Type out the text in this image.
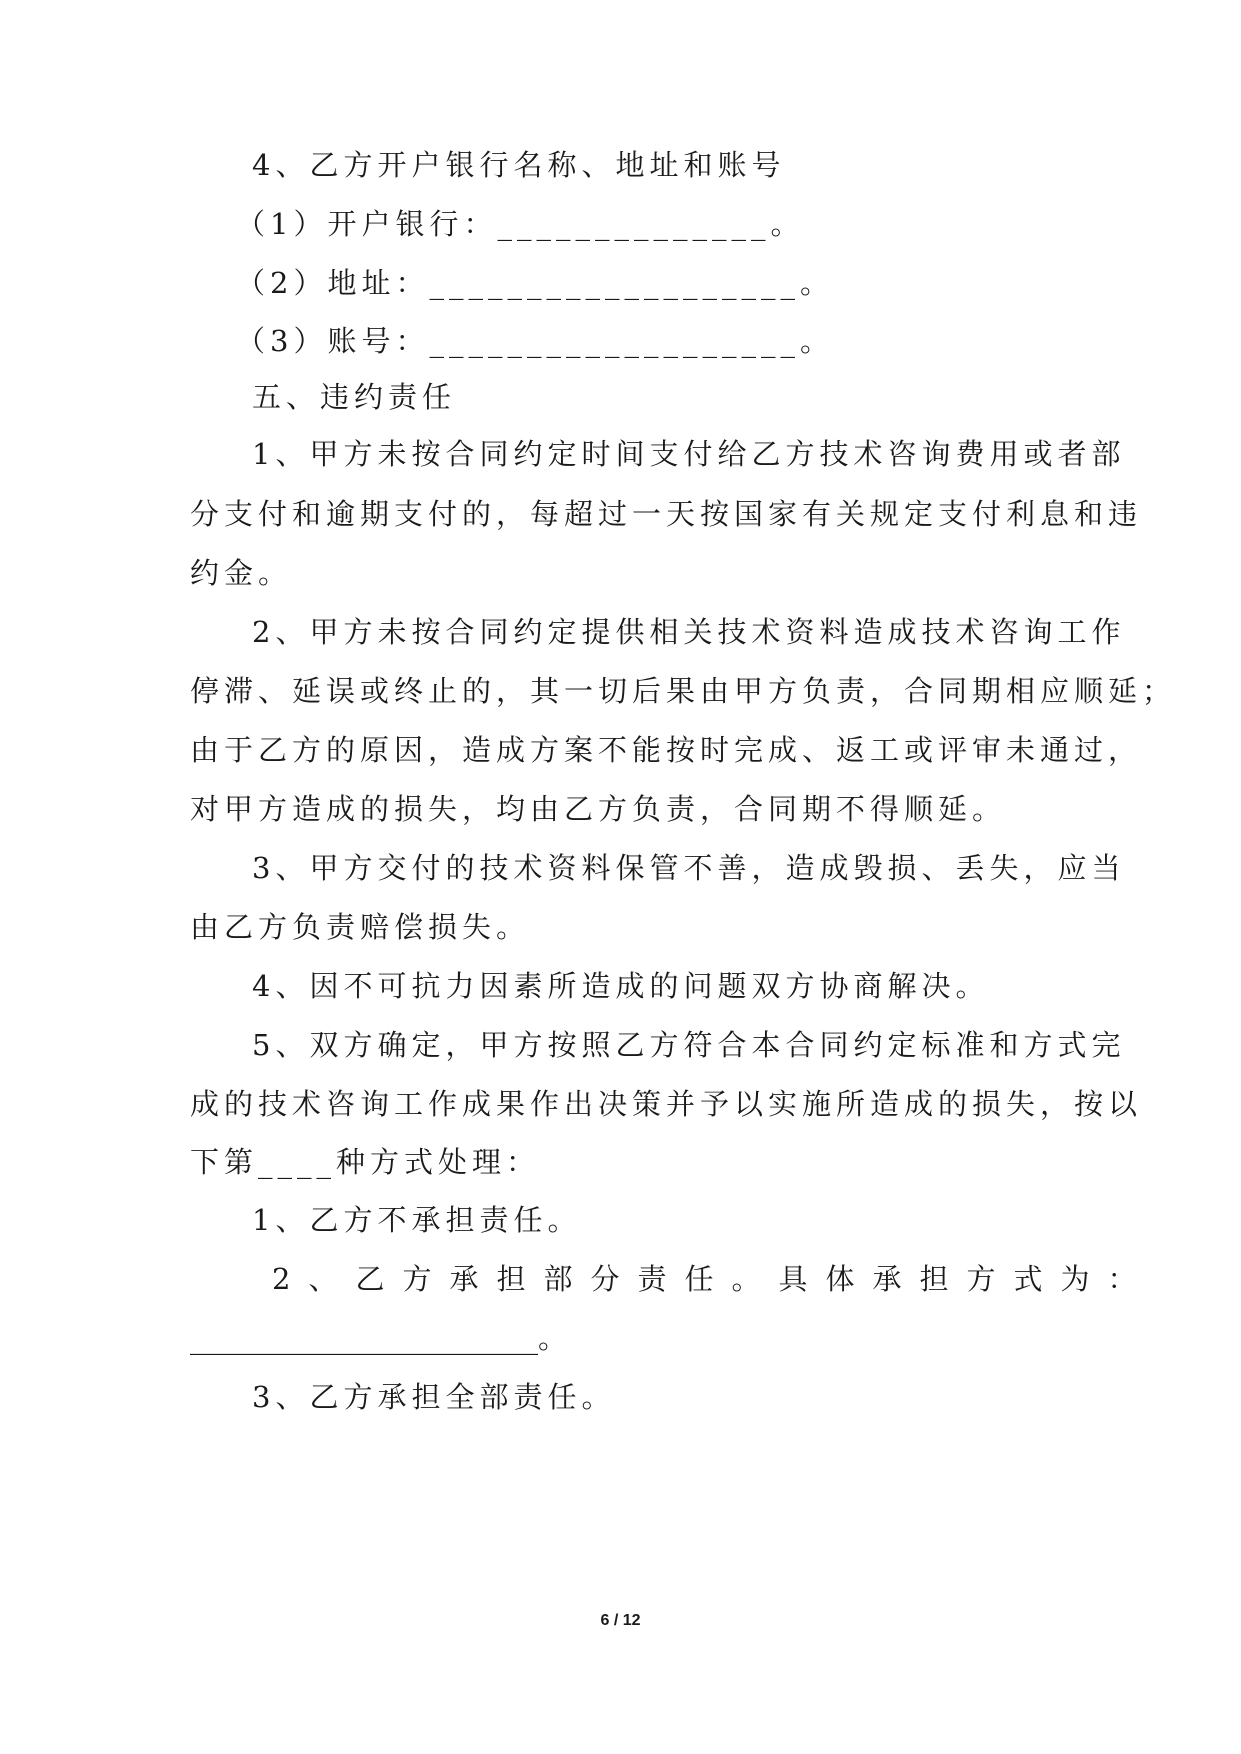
4、乙方开户银行名称、地址和账号
（1）开户银行：______________。
（2）地址：___________________。
（3）账号：___________________。
五、违约责任
1、甲方未按合同约定时间支付给乙方技术咨询费用或者部
分支付和逾期支付的，每超过一天按国家有关规定支付利息和违
约金。
2、甲方未按合同约定提供相关技术资料造成技术咨询工作
停滞、延误或终止的，其一切后果由甲方负责，合同期相应顺延；
由于乙方的原因，造成方案不能按时完成、返工或评审未通过，
对甲方造成的损失，均由乙方负责，合同期不得顺延。
3、甲方交付的技术资料保管不善，造成毁损、丢失，应当
由乙方负责赔偿损失。
4、因不可抗力因素所造成的问题双方协商解决。
5、双方确定，甲方按照乙方符合本合同约定标准和方式完
成的技术咨询工作成果作出决策并予以实施所造成的损失，按以
下第____种方式处理：
1、乙方不承担责任。
2、乙方承担部分责任。具体承担方式为：
________________________。
3、乙方承担全部责任。
6 / 12
